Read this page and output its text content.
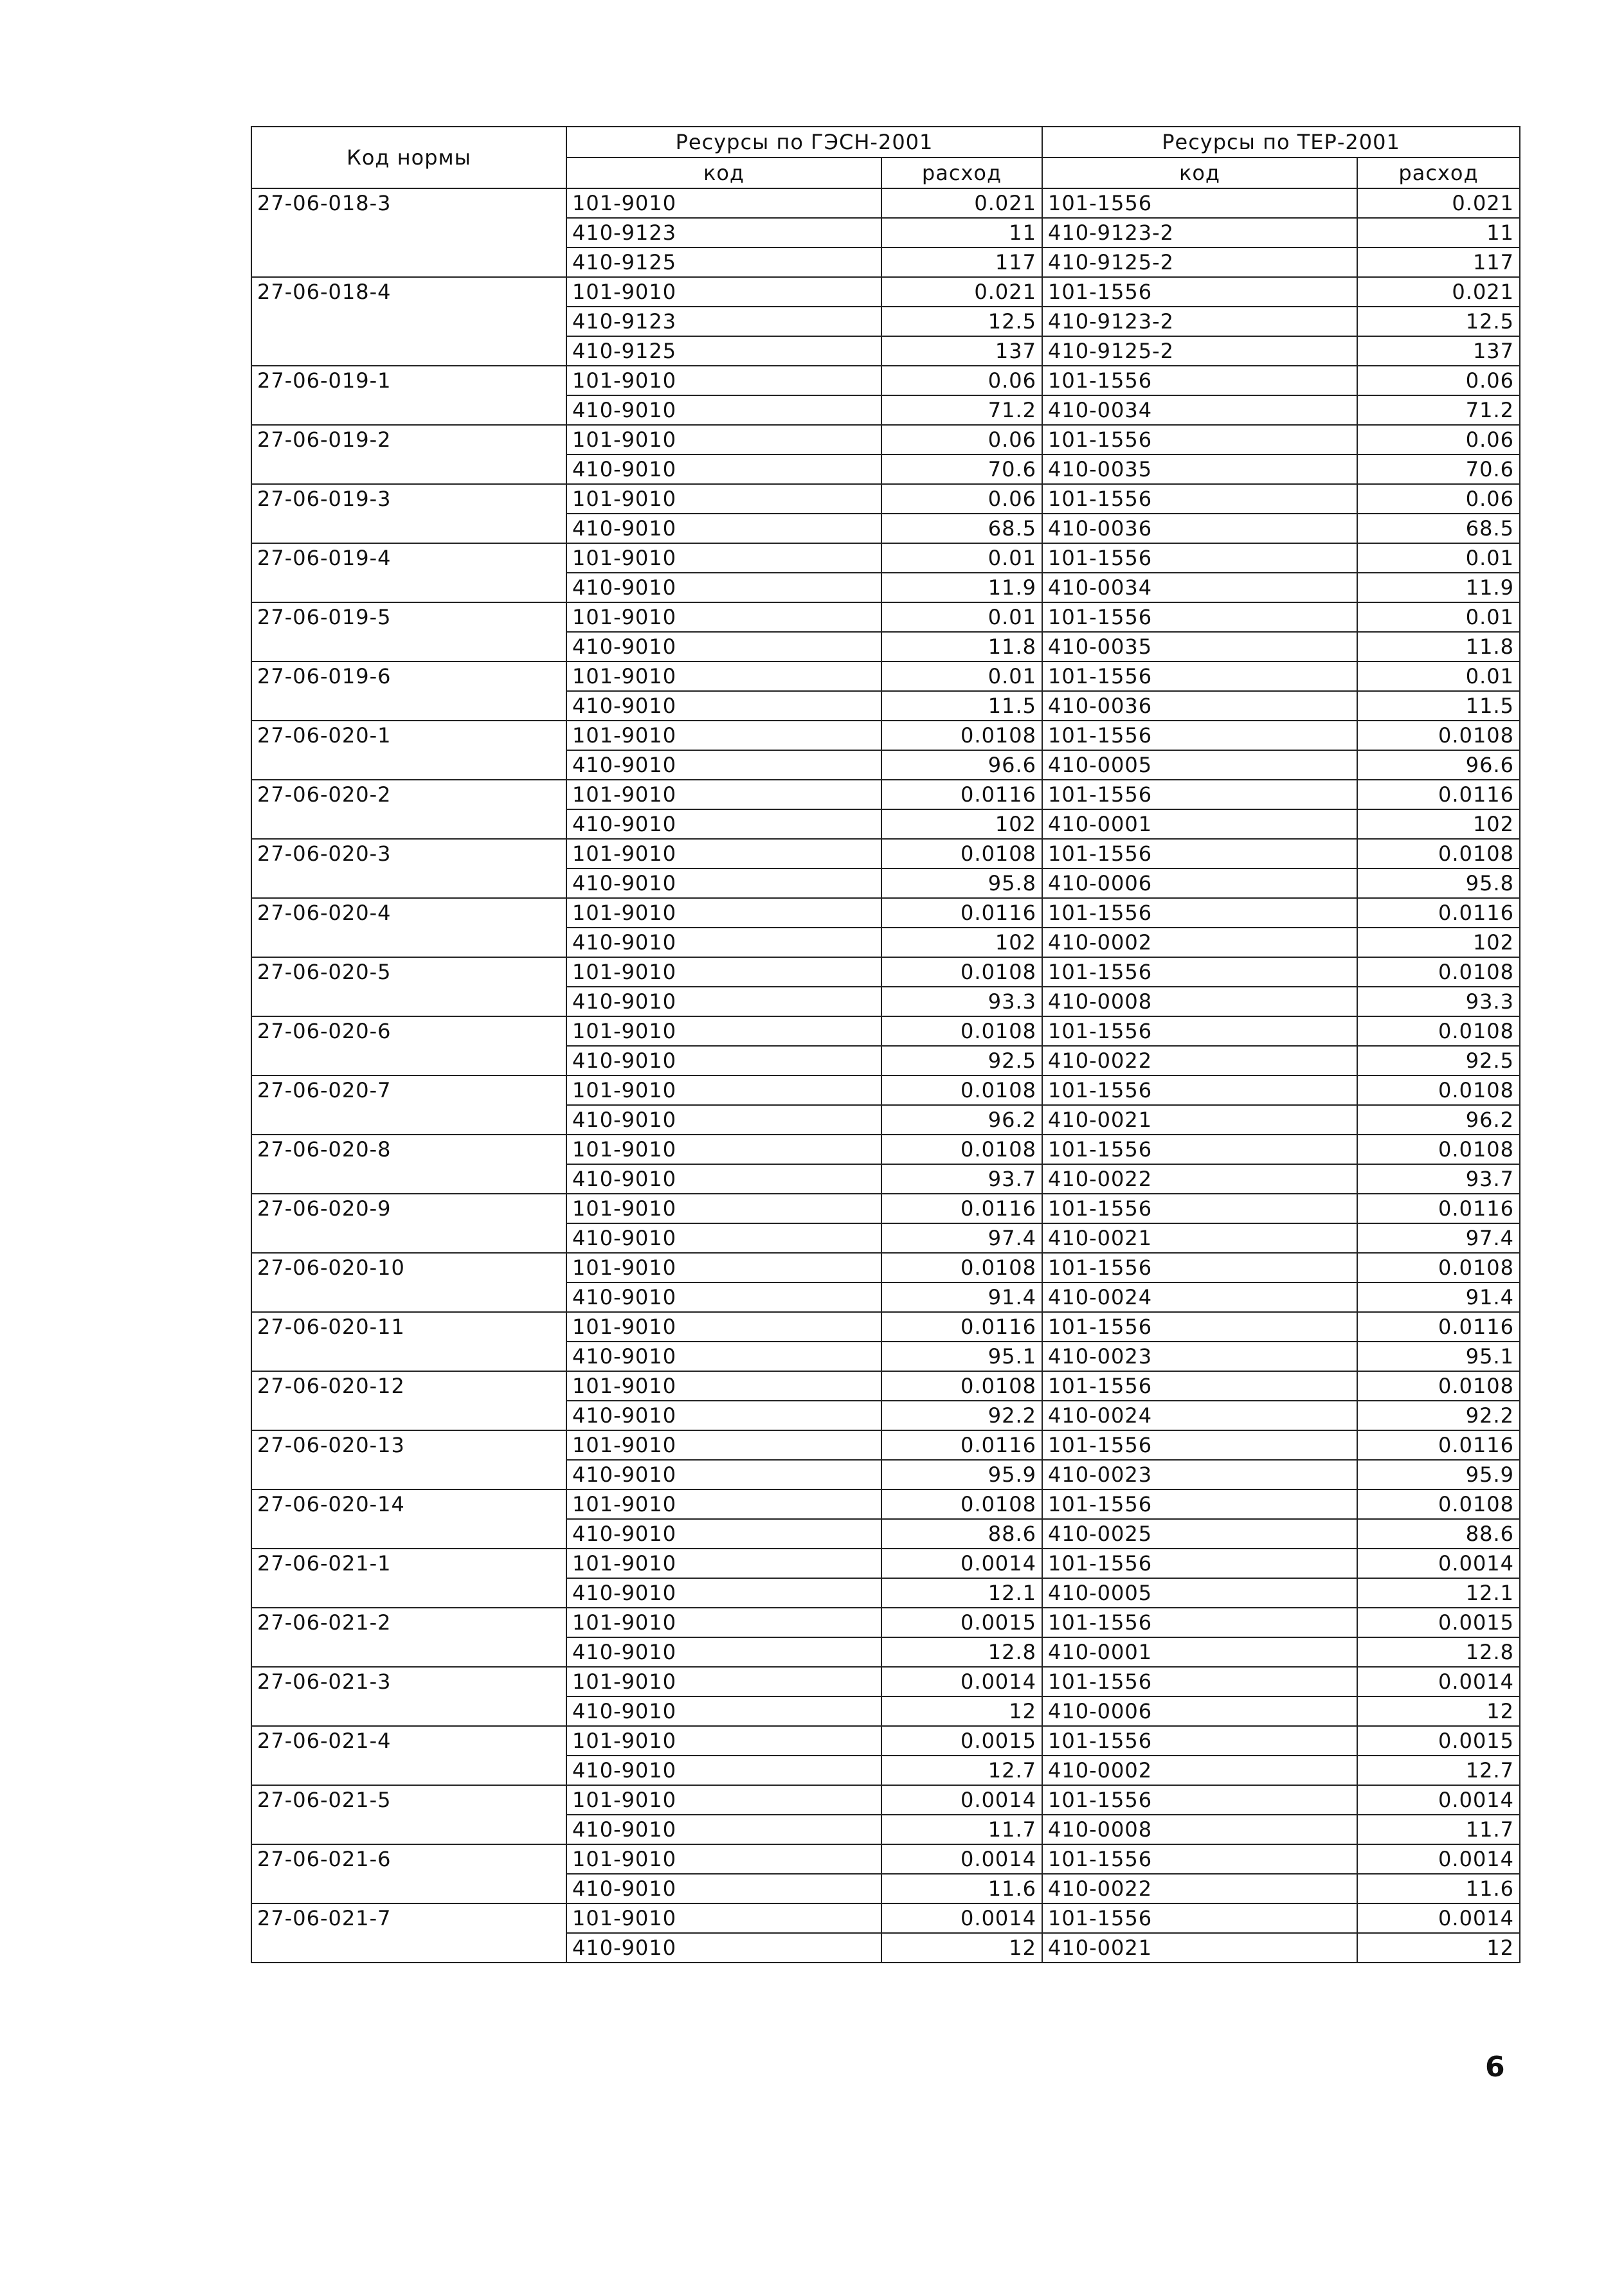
Код нормы	Ресурсы по ГЭСН-2001		Ресурсы по ТЕР-2001	
	код	расход	код	расход
27-06-018-3	101-9010	0.021	101-1556	0.021
	410-9123	11	410-9123-2	11
	410-9125	117	410-9125-2	117
27-06-018-4	101-9010	0.021	101-1556	0.021
	410-9123	12.5	410-9123-2	12.5
	410-9125	137	410-9125-2	137
27-06-019-1	101-9010	0.06	101-1556	0.06
	410-9010	71.2	410-0034	71.2
27-06-019-2	101-9010	0.06	101-1556	0.06
	410-9010	70.6	410-0035	70.6
27-06-019-3	101-9010	0.06	101-1556	0.06
	410-9010	68.5	410-0036	68.5
27-06-019-4	101-9010	0.01	101-1556	0.01
	410-9010	11.9	410-0034	11.9
27-06-019-5	101-9010	0.01	101-1556	0.01
	410-9010	11.8	410-0035	11.8
27-06-019-6	101-9010	0.01	101-1556	0.01
	410-9010	11.5	410-0036	11.5
27-06-020-1	101-9010	0.0108	101-1556	0.0108
	410-9010	96.6	410-0005	96.6
27-06-020-2	101-9010	0.0116	101-1556	0.0116
	410-9010	102	410-0001	102
27-06-020-3	101-9010	0.0108	101-1556	0.0108
	410-9010	95.8	410-0006	95.8
27-06-020-4	101-9010	0.0116	101-1556	0.0116
	410-9010	102	410-0002	102
27-06-020-5	101-9010	0.0108	101-1556	0.0108
	410-9010	93.3	410-0008	93.3
27-06-020-6	101-9010	0.0108	101-1556	0.0108
	410-9010	92.5	410-0022	92.5
27-06-020-7	101-9010	0.0108	101-1556	0.0108
	410-9010	96.2	410-0021	96.2
27-06-020-8	101-9010	0.0108	101-1556	0.0108
	410-9010	93.7	410-0022	93.7
27-06-020-9	101-9010	0.0116	101-1556	0.0116
	410-9010	97.4	410-0021	97.4
27-06-020-10	101-9010	0.0108	101-1556	0.0108
	410-9010	91.4	410-0024	91.4
27-06-020-11	101-9010	0.0116	101-1556	0.0116
	410-9010	95.1	410-0023	95.1
27-06-020-12	101-9010	0.0108	101-1556	0.0108
	410-9010	92.2	410-0024	92.2
27-06-020-13	101-9010	0.0116	101-1556	0.0116
	410-9010	95.9	410-0023	95.9
27-06-020-14	101-9010	0.0108	101-1556	0.0108
	410-9010	88.6	410-0025	88.6
27-06-021-1	101-9010	0.0014	101-1556	0.0014
	410-9010	12.1	410-0005	12.1
27-06-021-2	101-9010	0.0015	101-1556	0.0015
	410-9010	12.8	410-0001	12.8
27-06-021-3	101-9010	0.0014	101-1556	0.0014
	410-9010	12	410-0006	12
27-06-021-4	101-9010	0.0015	101-1556	0.0015
	410-9010	12.7	410-0002	12.7
27-06-021-5	101-9010	0.0014	101-1556	0.0014
	410-9010	11.7	410-0008	11.7
27-06-021-6	101-9010	0.0014	101-1556	0.0014
	410-9010	11.6	410-0022	11.6
27-06-021-7	101-9010	0.0014	101-1556	0.0014
	410-9010	12	410-0021	12
6
